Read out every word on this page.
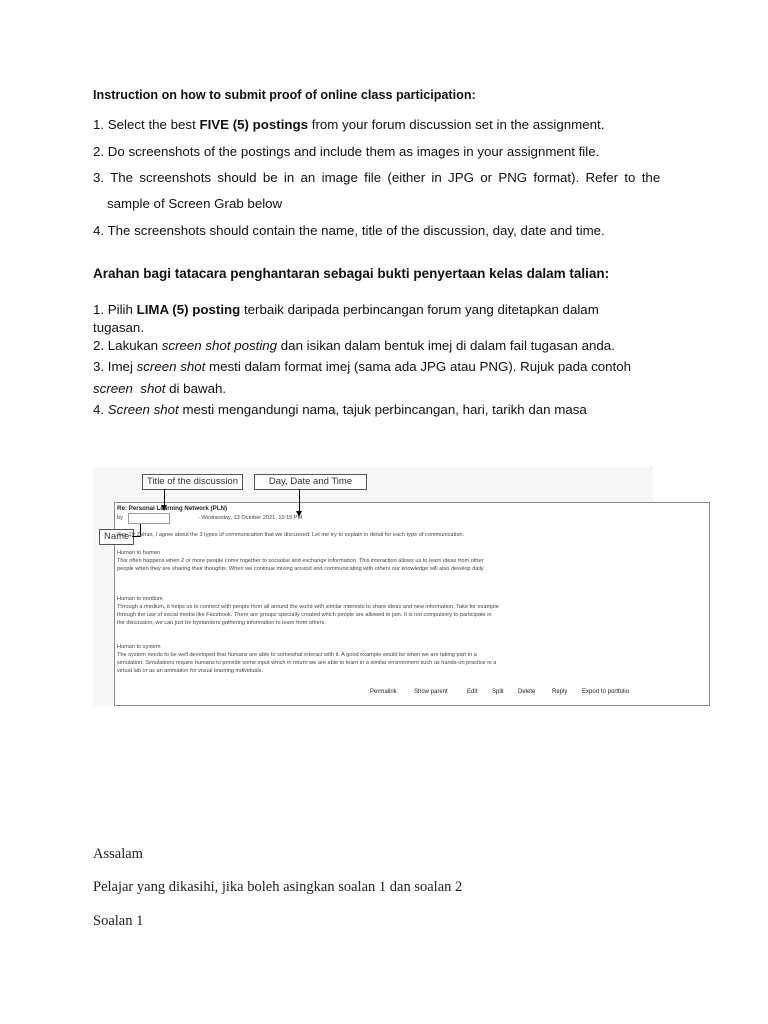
Instruction on how to submit proof of online class participation:
1. Select the best FIVE (5) postings from your forum discussion set in the assignment.
2. Do screenshots of the postings and include them as images in your assignment file.
3. The screenshots should be in an image file (either in JPG or PNG format). Refer to the
sample of Screen Grab below
4. The screenshots should contain the name, title of the discussion, day, date and time.
Arahan bagi tatacara penghantaran sebagai bukti penyertaan kelas dalam talian:
1. Pilih LIMA (5) posting terbaik daripada perbincangan forum yang ditetapkan dalam
tugasan.
2. Lakukan screen shot posting dan isikan dalam bentuk imej di dalam fail tugasan anda.
3. Imej screen shot mesti dalam format imej (sama ada JPG atau PNG). Rujuk pada contoh
screen  shot di bawah.
4. Screen shot mesti mengandungi nama, tajuk perbincangan, hari, tarikh dan masa
Title of the discussion	Day, Date and Time
Name
Re: Personal Learning Network (PLN)
by	- Wednesday, 13 October 2021, 10:15 PM
Yes, Dr Zahari, I agree about the 3 types of communication that we discussed. Let me try to explain in detail for each type of communication.
Human to human
This often happens when 2 or more people come together to socialise and exchange information. This interaction allows us to learn ideas from other
people when they are sharing their thoughts. When we continue mixing around and communicating with others our knowledge will also develop daily.
Human to medium
Through a medium, it helps us to connect with people from all around the world with similar interests to share ideas and new information. Take for example
through the use of social media like Facebook. There are groups specially created which people are allowed to join. It is not compulsory to participate in
the discussion, we can just be bystanders gathering information to learn from others.
Human to system
The system needs to be well developed that humans are able to somewhat interact with it. A good example would be when we are taking part in a
simulation. Simulations require humans to provide some input which in return we are able to learn in a similar environment such as hands-on practice in a
virtual lab or as an animation for visual learning individuals.
Permalink	Show parent	Edit Split Delete	Reply Export to portfolio
Assalam
Pelajar yang dikasihi, jika boleh asingkan soalan 1 dan soalan 2
Soalan 1
